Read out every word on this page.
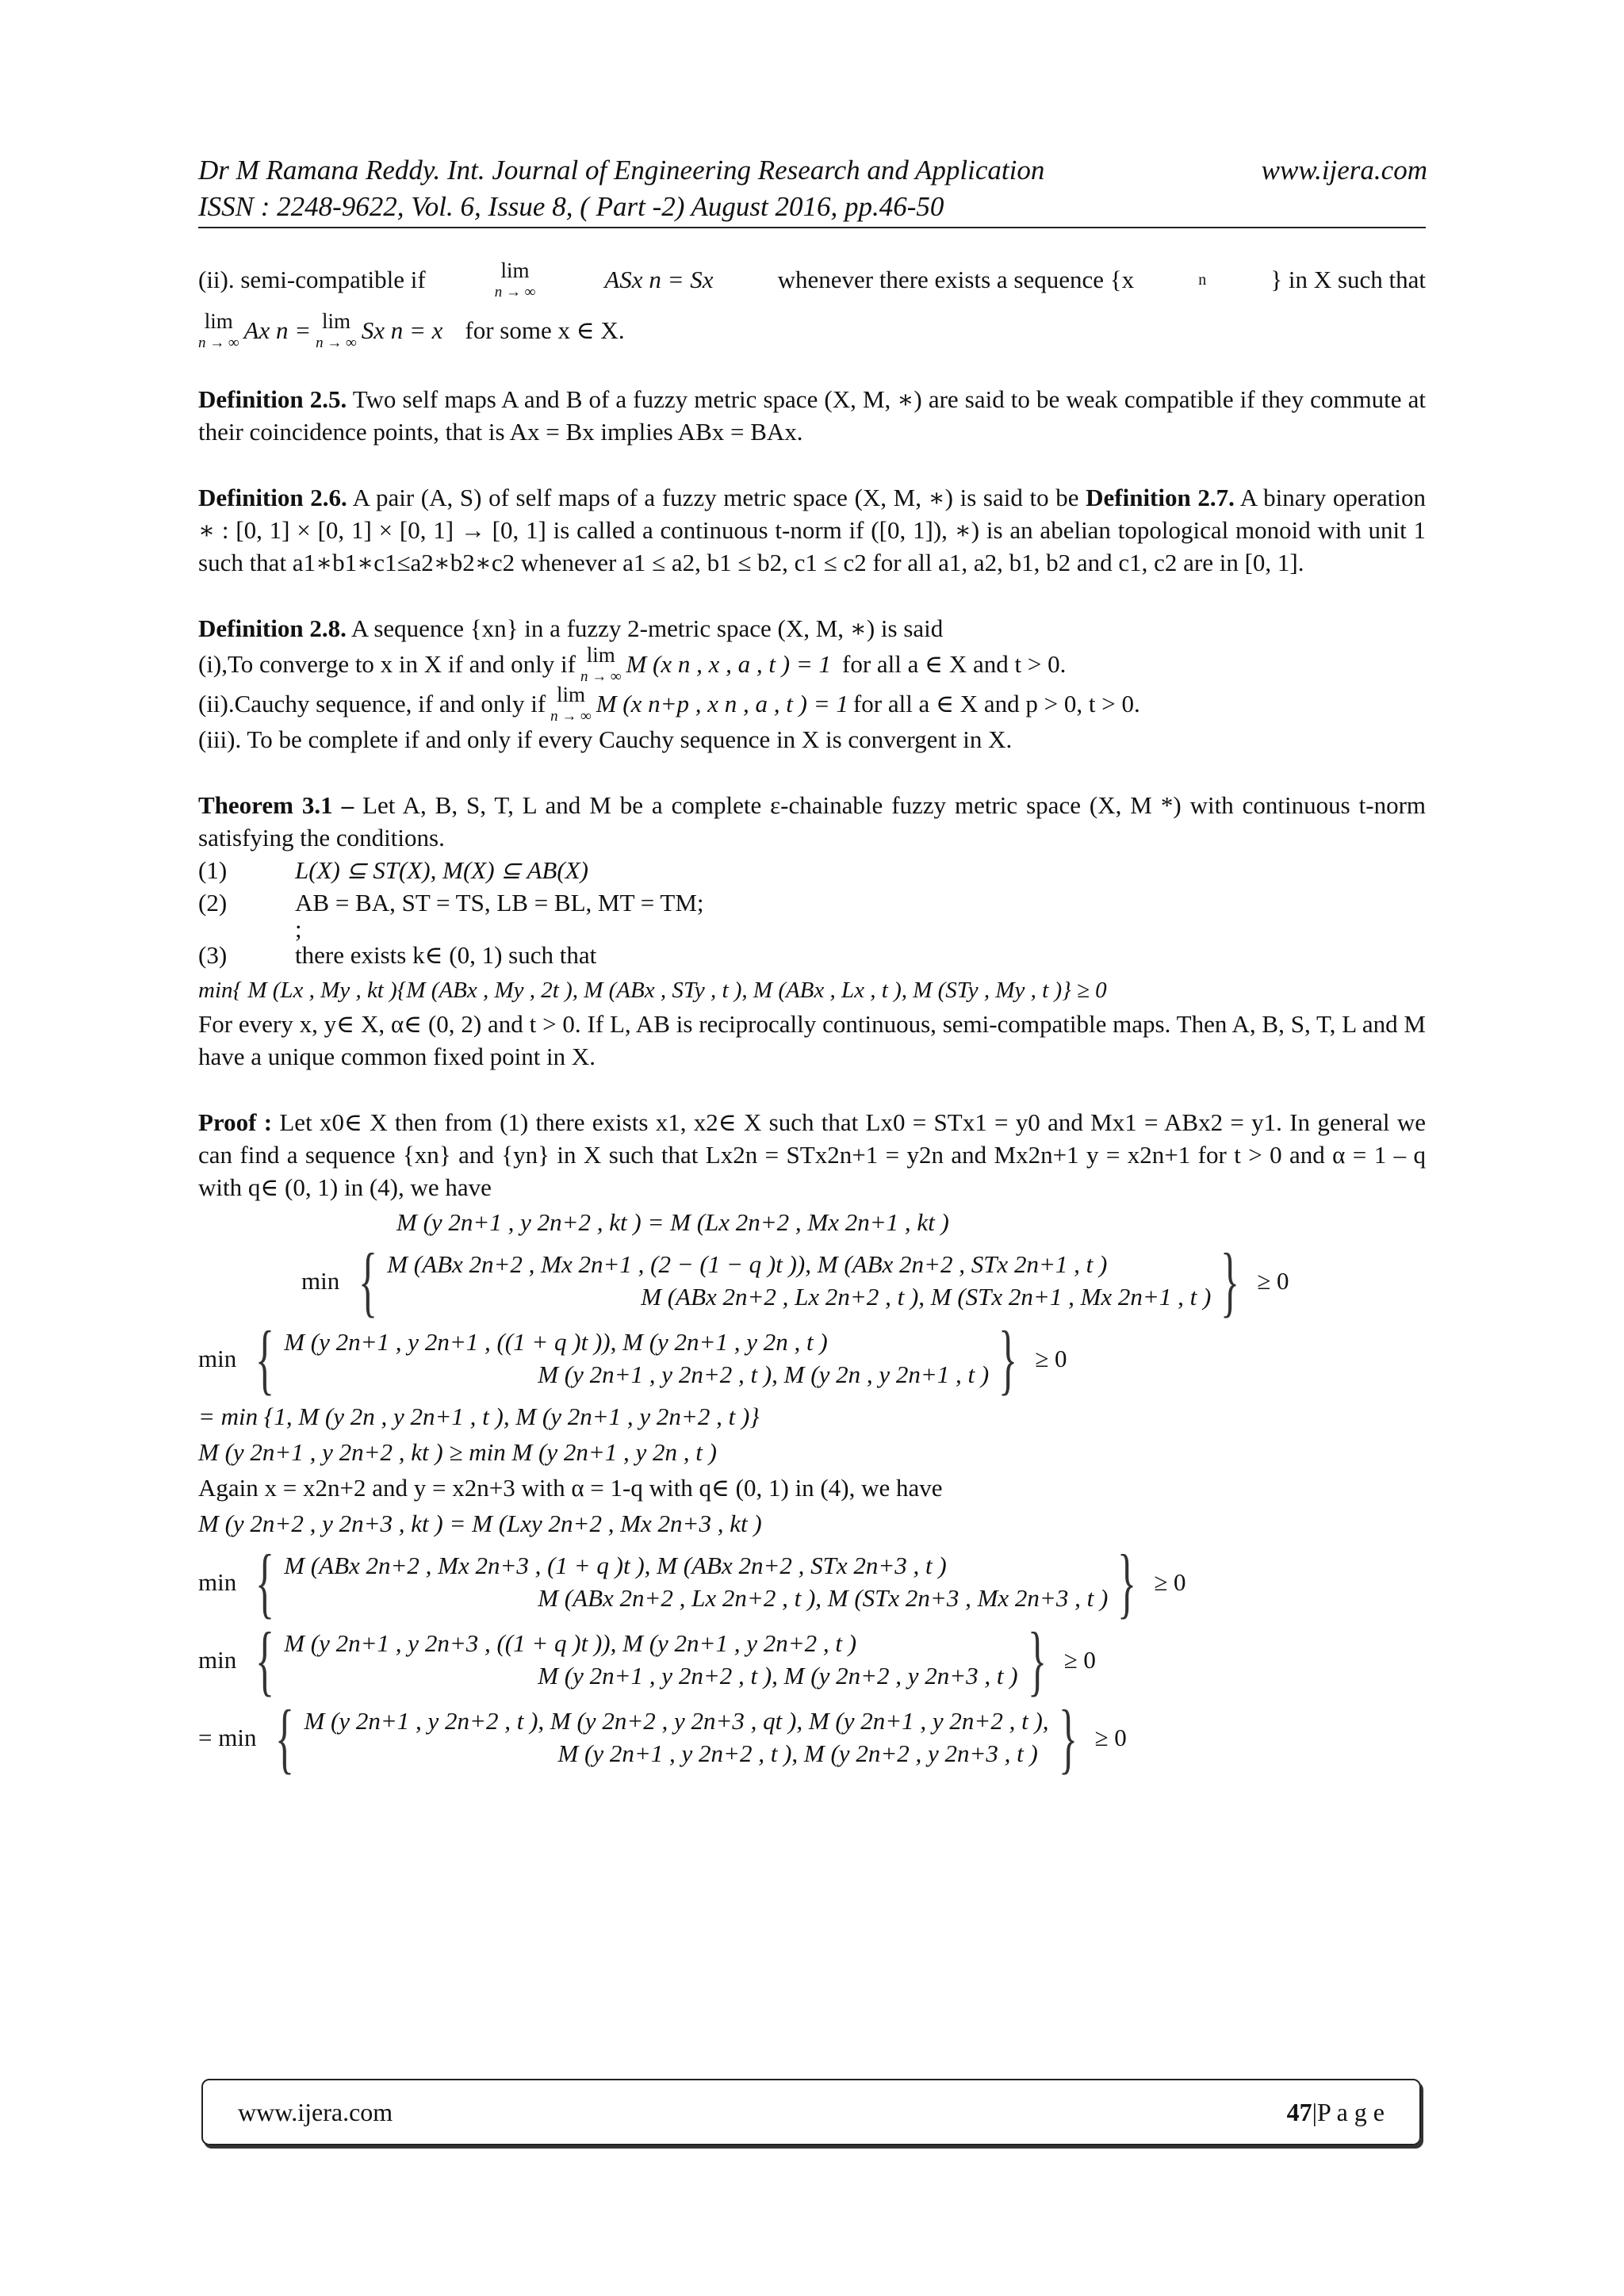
Dr M Ramana Reddy. Int. Journal of Engineering Research and Application	www.ijera.com
ISSN : 2248-9622, Vol. 6, Issue 8, ( Part -2) August 2016, pp.46-50

(ii). semi-compatible if	lim
n → ∞	ASx n = Sx	whenever there exists a sequence {x	n	} in X such that

lim
n → ∞ Ax n = lim
n → ∞ Sx n = x for some x ∈ X.

Definition 2.5. Two self maps A and B of a fuzzy metric space (X, M, ∗) are said to be weak compatible if they commute at their coincidence points, that is Ax = Bx implies ABx = BAx.

Definition 2.6. A pair (A, S) of self maps of a fuzzy metric space (X, M, ∗) is said to be Definition 2.7. A binary operation ∗ : [0, 1] × [0, 1] × [0, 1] → [0, 1] is called a continuous t-norm if ([0, 1]), ∗) is an abelian topological monoid with unit 1 such that a1∗b1∗c1≤a2∗b2∗c2 whenever a1 ≤ a2, b1 ≤ b2, c1 ≤ c2 for all a1, a2, b1, b2 and c1, c2 are in [0, 1].

Definition 2.8. A sequence {xn} in a fuzzy 2-metric space (X, M, ∗) is said

(i),To converge to x in X if and only if lim
n → ∞ M (x n , x , a , t ) = 1 for all a ∈ X and t > 0.

(ii).Cauchy sequence, if and only if lim
n → ∞ M (x n+p , x n , a , t ) = 1 for all a ∈ X and p > 0, t > 0.

(iii). To be complete if and only if every Cauchy sequence in X is convergent in X.

Theorem 3.1 – Let A, B, S, T, L and M be a complete ε-chainable fuzzy metric space (X, M *) with continuous t-norm satisfying the conditions.

(1)	L(X) ⊆ ST(X), M(X) ⊆ AB(X)
(2)	AB = BA, ST = TS, LB = BL, MT = TM;
;
(3)	there exists k∈ (0, 1) such that
min{ M (Lx , My , kt ){M (ABx , My , 2t ), M (ABx , STy , t ), M (ABx , Lx , t ), M (STy , My , t )} ≥ 0

For every x, y∈ X, α∈ (0, 2) and t > 0. If L, AB is reciprocally continuous, semi-compatible maps. Then A, B, S, T, L and M have a unique common fixed point in X.

Proof : Let x0∈ X then from (1) there exists x1, x2∈ X such that Lx0 = STx1 = y0 and Mx1 = ABx2 = y1. In general we can find a sequence {xn} and {yn} in X such that Lx2n = STx2n+1 = y2n and Mx2n+1 y = x2n+1 for t > 0 and α = 1 – q with q∈ (0, 1) in (4), we have

M (y 2n+1 , y 2n+2 , kt ) = M (Lx 2n+2 , Mx 2n+1 , kt )
min { M (ABx 2n+2 , Mx 2n+1 , (2 − (1 − q )t )), M (ABx 2n+2 , STx 2n+1 , t )
M (ABx 2n+2 , Lx 2n+2 , t ), M (STx 2n+1 , Mx 2n+1 , t ) } ≥ 0
min { M (y 2n+1 , y 2n+1 , ((1 + q )t )), M (y 2n+1 , y 2n , t )
M (y 2n+1 , y 2n+2 , t ), M (y 2n , y 2n+1 , t ) } ≥ 0
= min {1, M (y 2n , y 2n+1 , t ), M (y 2n+1 , y 2n+2 , t )}
M (y 2n+1 , y 2n+2 , kt ) ≥ min M (y 2n+1 , y 2n , t )

Again x = x2n+2 and y = x2n+3 with α = 1-q with q∈ (0, 1) in (4), we have

M (y 2n+2 , y 2n+3 , kt ) = M (Lxy 2n+2 , Mx 2n+3 , kt )
min { M (ABx 2n+2 , Mx 2n+3 , (1 + q )t ), M (ABx 2n+2 , STx 2n+3 , t )
M (ABx 2n+2 , Lx 2n+2 , t ), M (STx 2n+3 , Mx 2n+3 , t ) } ≥ 0
min { M (y 2n+1 , y 2n+3 , ((1 + q )t )), M (y 2n+1 , y 2n+2 , t )
M (y 2n+1 , y 2n+2 , t ), M (y 2n+2 , y 2n+3 , t ) } ≥ 0
= min { M (y 2n+1 , y 2n+2 , t ), M (y 2n+2 , y 2n+3 , qt ), M (y 2n+1 , y 2n+2 , t ),
M (y 2n+1 , y 2n+2 , t ), M (y 2n+2 , y 2n+3 , t ) } ≥ 0
www.ijera.com	47|P a g e
